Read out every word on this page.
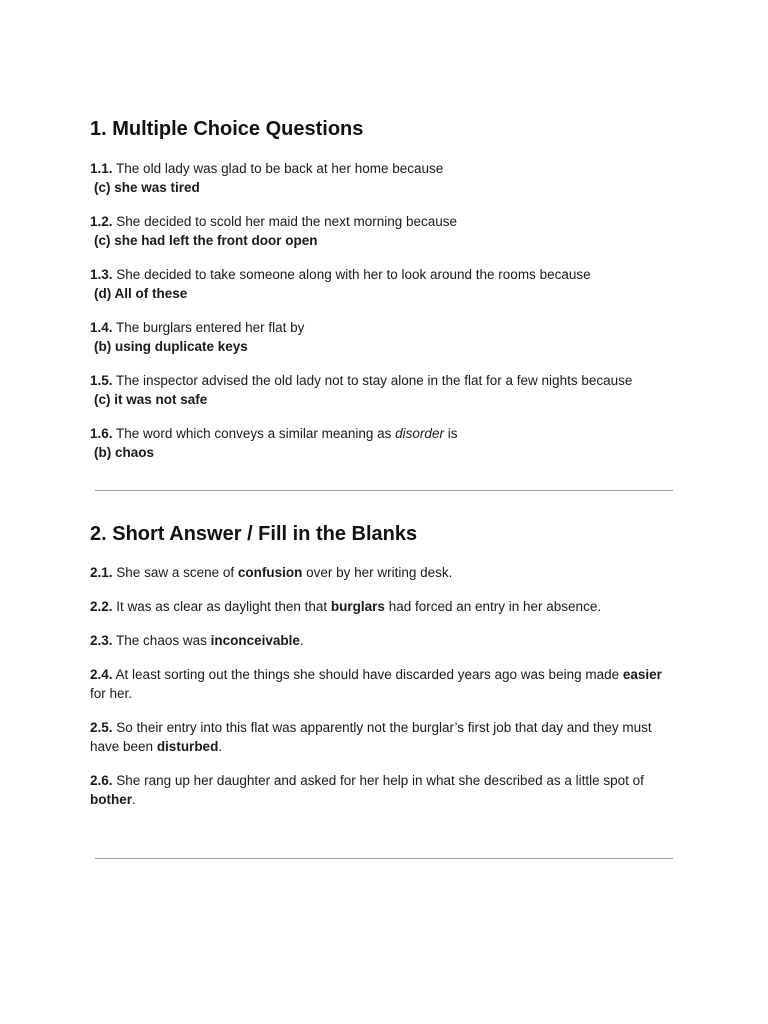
1. Multiple Choice Questions

1.1. The old lady was glad to be back at her home because

(c) she was tired

1.2. She decided to scold her maid the next morning because

(c) she had left the front door open

1.3. She decided to take someone along with her to look around the rooms because

(d) All of these

1.4. The burglars entered her flat by

(b) using duplicate keys

1.5. The inspector advised the old lady not to stay alone in the flat for a few nights because

(c) it was not safe

1.6. The word which conveys a similar meaning as disorder is

(b) chaos

2. Short Answer / Fill in the Blanks

2.1. She saw a scene of confusion over by her writing desk.

2.2. It was as clear as daylight then that burglars had forced an entry in her absence.

2.3. The chaos was inconceivable.

2.4. At least sorting out the things she should have discarded years ago was being made easier for her.

2.5. So their entry into this flat was apparently not the burglar’s first job that day and they must have been disturbed.

2.6. She rang up her daughter and asked for her help in what she described as a little spot of bother.
